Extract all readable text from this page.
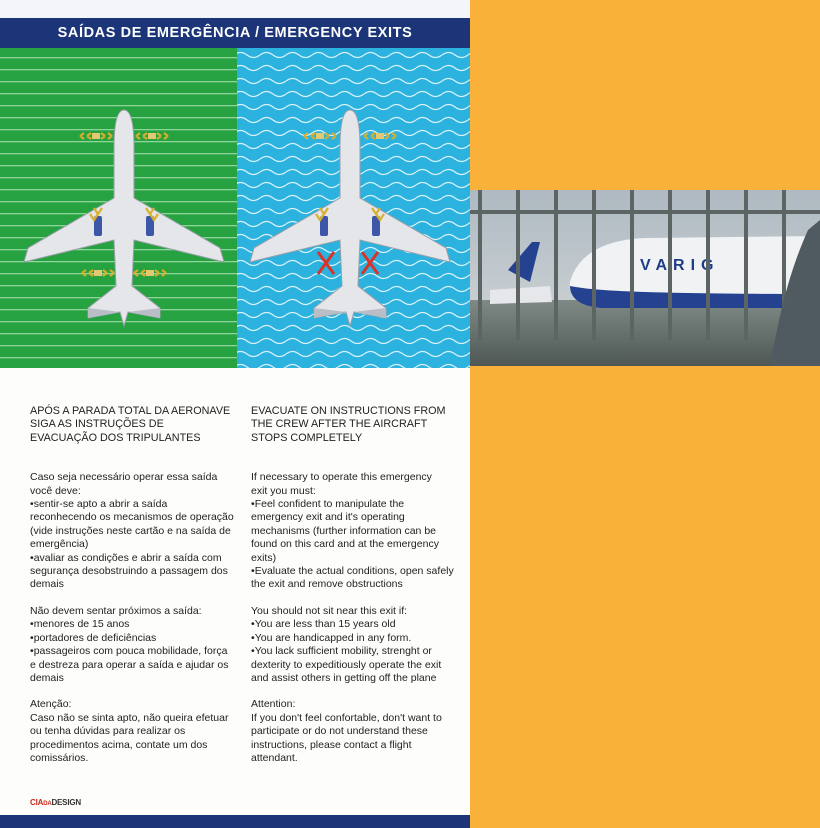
SAÍDAS DE EMERGÊNCIA / EMERGENCY EXITS
VARIG

APÓS A PARADA TOTAL DA AERONAVE
SIGA AS INSTRUÇÕES DE
EVACUAÇÃO DOS TRIPULANTES

Caso seja necessário operar essa saída
você deve:
• sentir-se apto a abrir a saída reconhecendo os mecanismos de operação (vide instruções neste cartão e na saída de emergência)
• avaliar as condições e abrir a saída com segurança desobstruindo a passagem dos demais
Não devem sentar próximos a saída:
• menores de 15 anos
• portadores de deficiências
• passageiros com pouca mobilidade, força e destreza para operar a saída e ajudar os demais
Atenção:
Caso não se sinta apto, não queira efetuar ou tenha dúvidas para realizar os procedimentos acima, contate um dos comissários.

EVACUATE ON INSTRUCTIONS FROM
THE CREW AFTER THE AIRCRAFT
STOPS COMPLETELY

If necessary to operate this emergency
exit you must:
• Feel confident to manipulate the emergency exit and it's operating mechanisms (further information can be found on this card and at the emergency exits)
• Evaluate the actual conditions, open safely the exit and remove obstructions
You should not sit near this exit if:
• You are less than 15 years old
• You are handicapped in any form.
• You lack sufficient mobility, strenght or dexterity to expeditiously operate the exit and assist others in getting off the plane
Attention:
If you don't feel confortable, don't want to participate or do not understand these instructions, please contact a flight attendant.
CIADADESIGN
